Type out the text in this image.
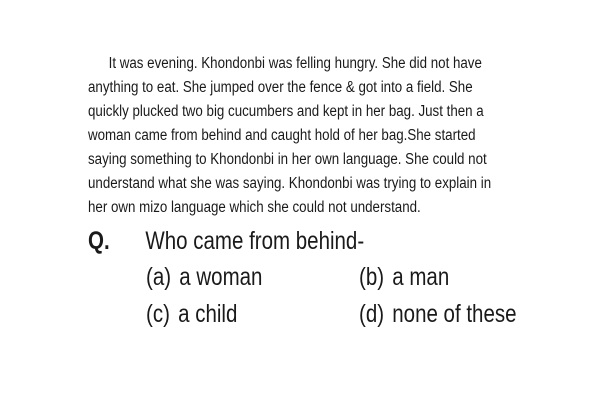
It was evening. Khondonbi was felling hungry. She did not have
anything to eat. She jumped over the fence & got into a field. She
quickly plucked two big cucumbers and kept in her bag. Just then a
woman came from behind and caught hold of her bag.She started
saying something to Khondonbi in her own language. She could not
understand what she was saying. Khondonbi was trying to explain in
her own mizo language which she could not understand.
Q. Who came from behind-
(a) a woman	(b) a man
(c) a child	(d) none of these
